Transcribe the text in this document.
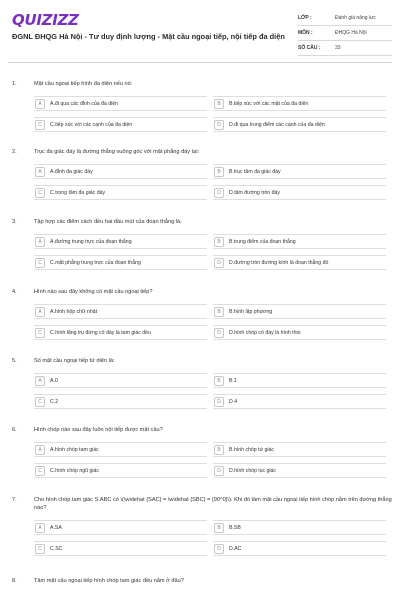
QUIZIZZ
ĐGNL ĐHQG Hà Nội - Tư duy định lượng - Mặt cầu ngoại tiếp, nội tiếp đa diện
LỚP :	Đánh giá năng lực
MÔN :	ĐHQG Hà Nội
SỐ CÂU :	33
1.	Mặt cầu ngoại tiếp hình đa diện nếu nó:
A	A.đi qua các đỉnh của đa diện	B	B.tiếp xúc với các mặt của đa diện
C	C.tiếp xúc với các cạnh của đa diện	D	D.đi qua trung điểm các cạnh của đa diện
2.	Trục đa giác đáy là đường thẳng vuông góc với mặt phẳng đáy tại:
A	A.đỉnh đa giác đáy	B	B.trục tâm đa giác đáy
C	C.trọng tâm đa giác đáy	D	D.tâm đường tròn đáy
3.	Tập hợp các điểm cách đều hai đầu mút của đoạn thẳng là:
A	A.đường trung trực của đoạn thẳng	B	B.trung điểm của đoạn thẳng
C	C.mặt phẳng trung trực của đoạn thẳng	D	D.đường tròn đường kính là đoạn thẳng đó
4.	Hình nào sau đây không có mặt cầu ngoại tiếp?
A	A.hình hộp chữ nhật	B	B.hình lập phương
C	C.hình lăng trụ đứng có đáy là tam giác đều	D	D.hình chóp có đáy là hình thoi
5.	Số mặt cầu ngoại tiếp tứ diện là:
A	A.0	B	B.1
C	C.2	D	D.4
6.	Hình chóp nào sau đây luôn nội tiếp được mặt cầu?
A	A.hình chóp tam giác	B	B.hình chóp tứ giác
C	C.hình chóp ngũ giác	D	D.hình chóp lục giác
7.	Cho hình chóp tam giác S.ABC có \(\widehat {SAC} = \widehat {SBC} = {90^0}\). Khi đó tâm mặt cầu ngoại tiếp hình chóp nằm trên đường thẳng nào?
A	A.SA	B	B.SB
C	C.SC	D	D.AC
8.	Tâm mặt cầu ngoại tiếp hình chóp tam giác đều nằm ở đâu?
